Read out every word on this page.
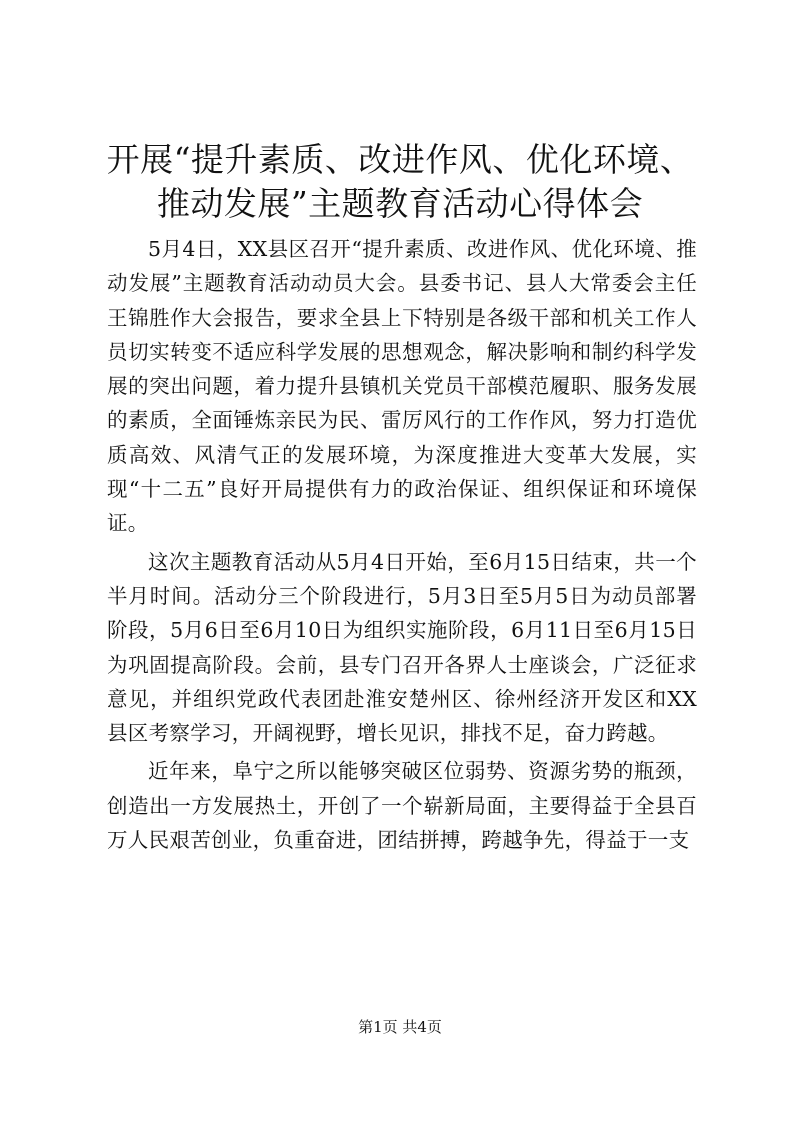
开展“提升素质、改进作风、优化环境、推动发展”主题教育活动心得体会

5月4日，XX县区召开“提升素质、改进作风、优化环境、推动发展”主题教育活动动员大会。县委书记、县人大常委会主任王锦胜作大会报告，要求全县上下特别是各级干部和机关工作人员切实转变不适应科学发展的思想观念，解决影响和制约科学发展的突出问题，着力提升县镇机关党员干部模范履职、服务发展的素质，全面锤炼亲民为民、雷厉风行的工作作风，努力打造优质高效、风清气正的发展环境，为深度推进大变革大发展，实现“十二五”良好开局提供有力的政治保证、组织保证和环境保证。

这次主题教育活动从5月4日开始，至6月15日结束，共一个半月时间。活动分三个阶段进行，5月3日至5月5日为动员部署阶段，5月6日至6月10日为组织实施阶段，6月11日至6月15日为巩固提高阶段。会前，县专门召开各界人士座谈会，广泛征求意见，并组织党政代表团赴淮安楚州区、徐州经济开发区和XX县区考察学习，开阔视野，增长见识，排找不足，奋力跨越。

近年来，阜宁之所以能够突破区位弱势、资源劣势的瓶颈，创造出一方发展热土，开创了一个崭新局面，主要得益于全县百万人民艰苦创业，负重奋进，团结拼搏，跨越争先，得益于一支

第1页 共4页
